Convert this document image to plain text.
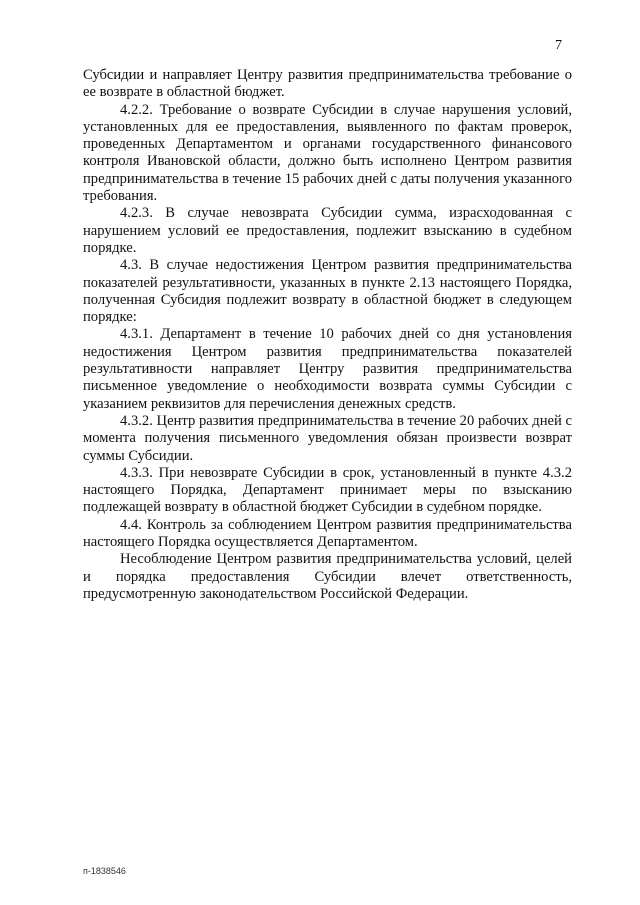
7

Субсидии и направляет Центру развития предпринимательства требование о ее возврате в областной бюджет.

4.2.2. Требование о возврате Субсидии в случае нарушения условий, установленных для ее предоставления, выявленного по фактам проверок, проведенных Департаментом и органами государственного финансового контроля Ивановской области, должно быть исполнено Центром развития предпринимательства в течение 15 рабочих дней с даты получения указанного требования.

4.2.3. В случае невозврата Субсидии сумма, израсходованная с нарушением условий ее предоставления, подлежит взысканию в судебном порядке.

4.3. В случае недостижения Центром развития предпринимательства показателей результативности, указанных в пункте 2.13 настоящего Порядка, полученная Субсидия подлежит возврату в областной бюджет в следующем порядке:

4.3.1. Департамент в течение 10 рабочих дней со дня установления недостижения Центром развития предпринимательства показателей результативности направляет Центру развития предпринимательства письменное уведомление о необходимости возврата суммы Субсидии с указанием реквизитов для перечисления денежных средств.

4.3.2. Центр развития предпринимательства в течение 20 рабочих дней с момента получения письменного уведомления обязан произвести возврат суммы Субсидии.

4.3.3. При невозврате Субсидии в срок, установленный в пункте 4.3.2 настоящего Порядка, Департамент принимает меры по взысканию подлежащей возврату в областной бюджет Субсидии в судебном порядке.

4.4. Контроль за соблюдением Центром развития предпринимательства настоящего Порядка осуществляется Департаментом.

Несоблюдение Центром развития предпринимательства условий, целей и порядка предоставления Субсидии влечет ответственность, предусмотренную законодательством Российской Федерации.

п-1838546
